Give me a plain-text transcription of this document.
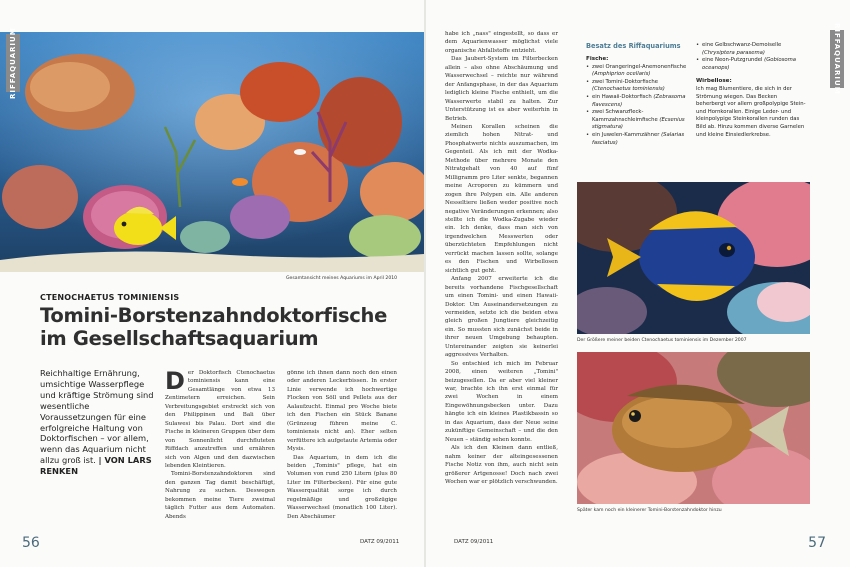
RIFFAQUARIUM
Gesamtansicht meines Aquariums im April 2010
CTENOCHAETUS TOMINIENSIS
Tomini-Borstenzahndoktorfische
im Gesellschaftsaquarium
Reichhaltige Ernährung, umsichtige Wasserpflege und kräftige Strömung sind wesentliche Voraussetzungen für eine erfolgreiche Haltung von Doktorfischen – vor allem, wenn das Aquarium nicht allzu groß ist. | VON LARS RENKEN
D er Doktorfisch Ctenochaetus tominiensis kann eine Gesamtlänge von etwa 13 Zentimetern erreichen. Sein Verbreitungsgebiet erstreckt sich von den Philippinen und Bali über Sulawesi bis Palau. Dort sind die Fische in kleineren Gruppen über dem von Sonnenlicht durchfluteten Riffdach anzutreffen und ernähren sich von Algen und den dazwischen lebenden Kleintieren.

Tomini-Borstenzahndoktoren sind den ganzen Tag damit beschäftigt, Nahrung zu suchen. Deswegen bekommen meine Tiere zweimal täglich Futter aus dem Automaten. Abends

gönne ich ihnen dann noch den einen oder anderen Leckerbissen. In erster Linie verwende ich hochwertige Flocken von Söll und Pellets aus der Aalaufzucht. Einmal pro Woche biete ich den Fischen ein Stück Banane (Grünzeug führen meine C. tominiensis nicht an). Eher selten verfüttere ich aufgetaute Artemia oder Mysis.

Das Aquarium, in dem ich die beiden „Tominis" pflege, hat ein Volumen von rund 250 Litern (plus 80 Liter im Filterbecken). Für eine gute Wasserqualität sorge ich durch regelmäßige und großzügige Wasserwechsel (monatlich 100 Liter). Den Abschäumer

56
RIFFAQUARIUM
DATZ 09/2011	57
DATZ 09/2011

habe ich „nass" eingestellt, so dass er dem Aquarienwasser möglichst viele organische Abfallstoffe entzieht.

Das Jaubert-System im Filterbecken allein – also ohne Abschäumung und Wasserwechsel – reichte nur während der Anfangsphase, in der das Aquarium lediglich kleine Fische enthielt, um die Wasserwerte stabil zu halten. Zur Unterstützung ist es aber weiterhin in Betrieb.

Meinen Korallen scheinen die ziemlich hohen Nitrat- und Phosphatwerte nichts auszumachen, im Gegenteil. Als ich mit der Wodka-Methode über mehrere Monate den Nitratgehalt von 40 auf fünf Milligramm pro Liter senkte, begannen meine Acroporen zu kümmern und zogen ihre Polypen ein. Alle anderen Nesseltiere ließen weder positive noch negative Veränderungen erkennen; also stellte ich die Wodka-Zugabe wieder ein. Ich denke, dass man sich von irgendwelchen Messwerten oder überzüchteten Empfehlungen nicht verrückt machen lassen sollte, solange es den Fischen und Wirbellosen sichtlich gut geht.

Anfang 2007 erweiterte ich die bereits vorhandene Fischgesellschaft um einen Tomini- und einen Hawaii-Doktor. Um Auseinandersetzungen zu vermeiden, setzte ich die beiden etwa gleich großen Jungtiere gleichzeitig ein. So mussten sich zunächst beide in ihrer neuen Umgebung behaupten. Untereinander zeigten sie keinerlei aggressives Verhalten.

So entschied ich mich im Februar 2008, einen weiteren „Tomini" beizugesellen. Da er aber viel kleiner war, brachte ich ihn erst einmal für zwei Wochen in einem Eingewöhnungsbecken unter. Dazu hängte ich ein kleines Plastikbassin so in das Aquarium, dass der Neue seine zukünftige Gemeinschaft – und die den Neuen – ständig sehen konnte.

Als ich den Kleinen dann entließ, nahm keiner der alteingesessenen Fische Notiz von ihm, auch nicht sein größerer Artgenosse! Doch nach zwei Wochen war er plötzlich verschwunden.

Besatz des Riffaquariums
Fische:
• zwei Orangeringel-Anemonenfische (Amphiprion ocellaris)
• zwei Tomini-Doktorfische (Ctenochaetus tominiensis)
• ein Hawaii-Doktorfisch (Zebrasoma flavescens)
• zwei Schwanzfleck-Kammzahnschleimfische (Ecsenius stigmatura)
• ein Juwelen-Kammzähner (Salarias fasciatus)
• eine Gelbschwanz-Demoiselle (Chrysiptera parasema)
• eine Neon-Putzgrundel (Gobiosoma oceanops)
Wirbellose:
Ich mag Blumentiere, die sich in der Strömung wiegen. Das Becken beherbergt vor allem großpolypige Stein- und Hornkorallen. Einige Leder- und kleinpolypige Steinkorallen runden das Bild ab. Hinzu kommen diverse Garnelen und kleine Einsiedlerkrebse.
Der Größere meiner beiden Ctenochaetus tominiensis im Dezember 2007
Später kam noch ein kleinerer Tomini-Borstenzahndoktor hinzu
